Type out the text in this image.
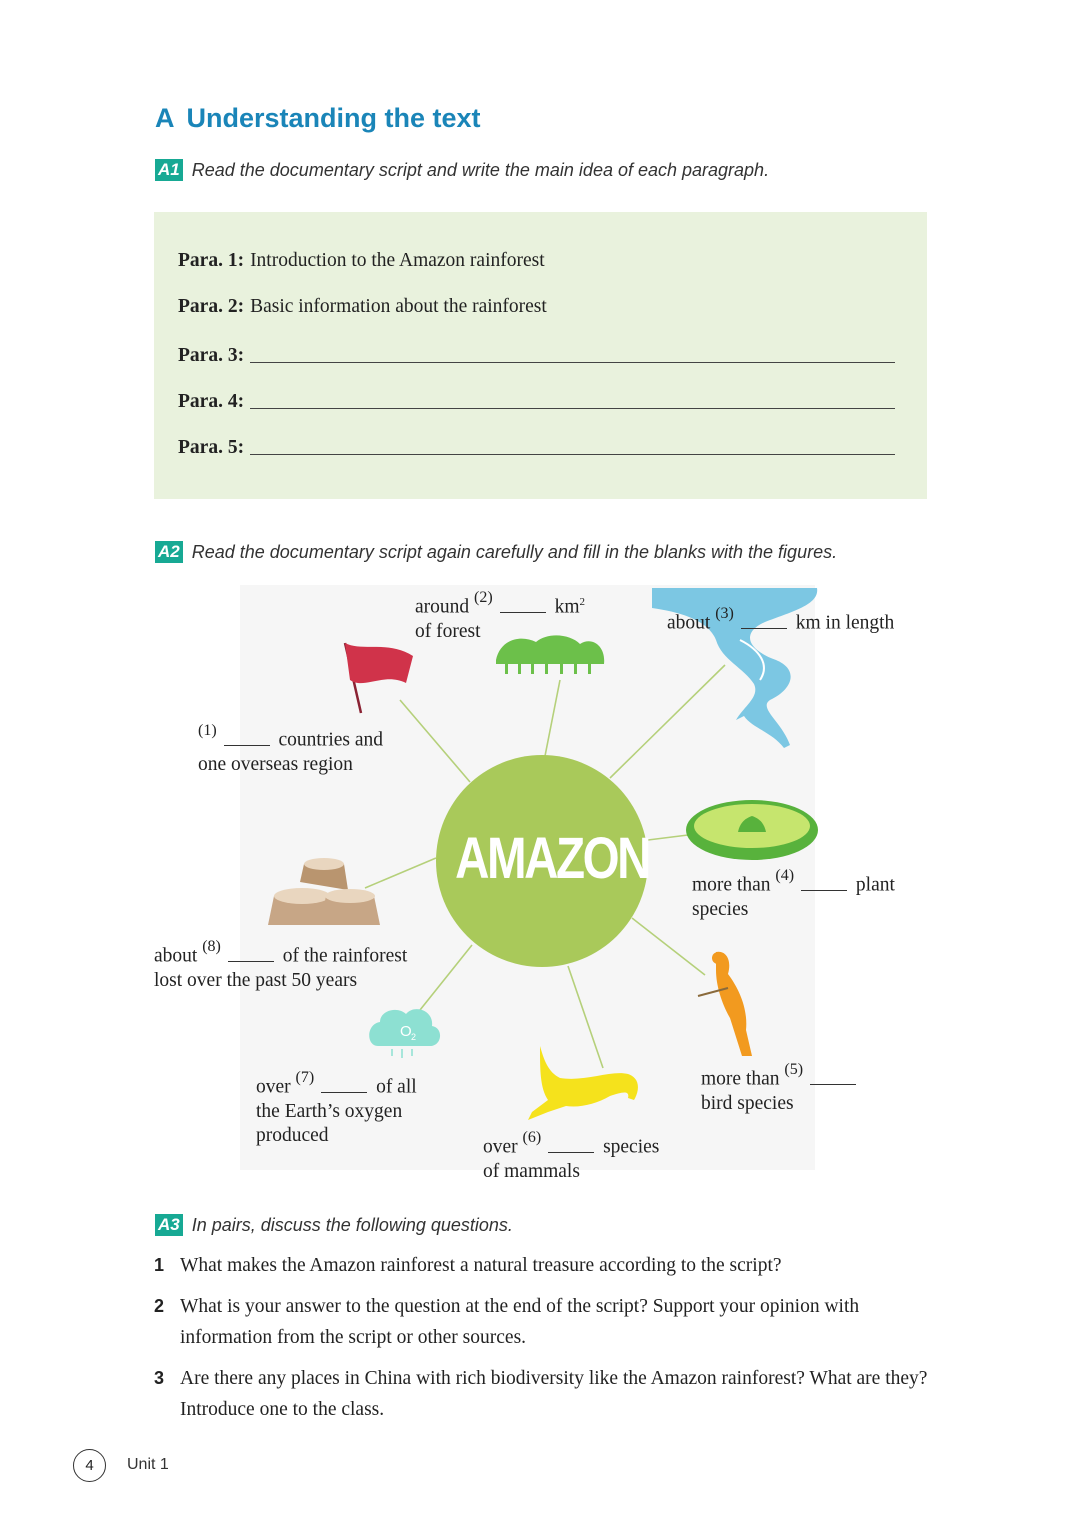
A Understanding the text
A1 Read the documentary script and write the main idea of each paragraph.
Para. 1: Introduction to the Amazon rainforest
Para. 2: Basic information about the rainforest
Para. 3:
Para. 4:
Para. 5:
A2 Read the documentary script again carefully and fill in the blanks with the figures.
O 2
AMAZON
around $^{(2)}$	$km^2$
of forest	about $^{(3)}$	km in length
$^{(1)}$	countries and
one overseas region
more than $^{(4)}$	plant
species
about $^{(8)}$	of the rainforest
lost over the past 50 years
more than $^{(5)}$
bird species
over $^{(7)}$	of all
the Earth’s oxygen
produced
over $^{(6)}$	species
of mammals
A3 In pairs, discuss the following questions.
1 What makes the Amazon rainforest a natural treasure according to the script?
2 What is your answer to the question at the end of the script? Support your opinion with information from the script or other sources.
3 Are there any places in China with rich biodiversity like the Amazon rainforest? What are they? Introduce one to the class.
4	Unit 1
